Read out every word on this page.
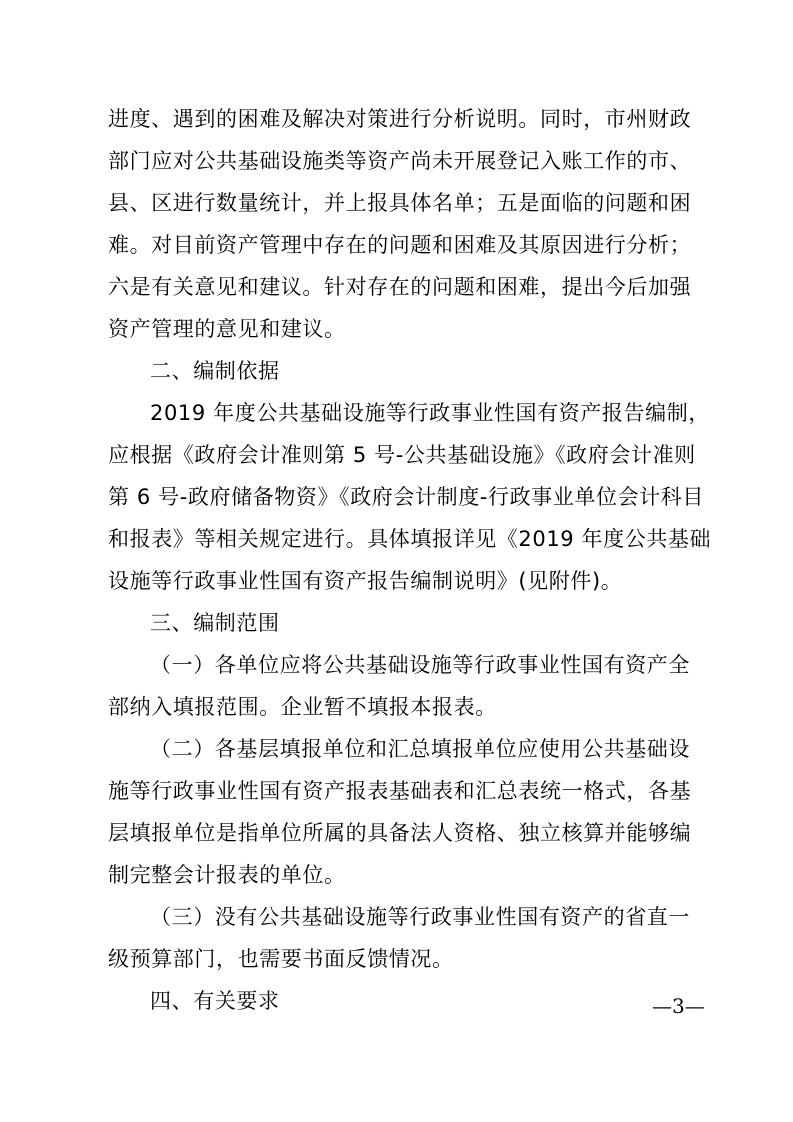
进度、遇到的困难及解决对策进行分析说明。同时，市州财政
部门应对公共基础设施类等资产尚未开展登记入账工作的市、
县、区进行数量统计，并上报具体名单；五是面临的问题和困
难。对目前资产管理中存在的问题和困难及其原因进行分析；
六是有关意见和建议。针对存在的问题和困难，提出今后加强
资产管理的意见和建议。
二、编制依据
2019 年度公共基础设施等行政事业性国有资产报告编制，
应根据《政府会计准则第 5 号-公共基础设施》《政府会计准则
第 6 号-政府储备物资》《政府会计制度-行政事业单位会计科目
和报表》等相关规定进行。具体填报详见《2019 年度公共基础
设施等行政事业性国有资产报告编制说明》(见附件)。
三、编制范围
（一）各单位应将公共基础设施等行政事业性国有资产全
部纳入填报范围。企业暂不填报本报表。
（二）各基层填报单位和汇总填报单位应使用公共基础设
施等行政事业性国有资产报表基础表和汇总表统一格式，各基
层填报单位是指单位所属的具备法人资格、独立核算并能够编
制完整会计报表的单位。
（三）没有公共基础设施等行政事业性国有资产的省直一
级预算部门，也需要书面反馈情况。
四、有关要求	—3—
